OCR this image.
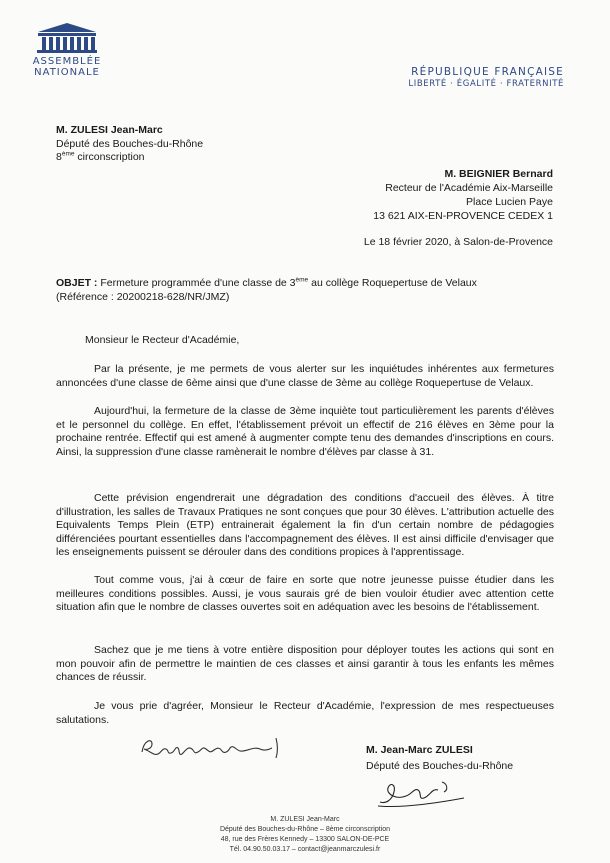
ASSEMBLÉE
NATIONALE	RÉPUBLIQUE FRANÇAISE
LIBERTÉ · ÉGALITÉ · FRATERNITÉ
M. ZULESI Jean-Marc
Député des Bouches-du-Rhône
8ème circonscription
M. BEIGNIER Bernard
Recteur de l'Académie Aix-Marseille
Place Lucien Paye
13 621 AIX-EN-PROVENCE CEDEX 1
Le 18 février 2020, à Salon-de-Provence
OBJET : Fermeture programmée d'une classe de 3ème au collège Roquepertuse de Velaux
(Référence : 20200218-628/NR/JMZ)
Monsieur le Recteur d'Académie,
Par la présente, je me permets de vous alerter sur les inquiétudes inhérentes aux fermetures annoncées d'une classe de 6ème ainsi que d'une classe de 3ème au collège Roquepertuse de Velaux.
Aujourd'hui, la fermeture de la classe de 3ème inquiète tout particulièrement les parents d'élèves et le personnel du collège. En effet, l'établissement prévoit un effectif de 216 élèves en 3ème pour la prochaine rentrée. Effectif qui est amené à augmenter compte tenu des demandes d'inscriptions en cours. Ainsi, la suppression d'une classe ramènerait le nombre d'élèves par classe à 31.
Cette prévision engendrerait une dégradation des conditions d'accueil des élèves. À titre d'illustration, les salles de Travaux Pratiques ne sont conçues que pour 30 élèves. L'attribution actuelle des Equivalents Temps Plein (ETP) entrainerait également la fin d'un certain nombre de pédagogies différenciées pourtant essentielles dans l'accompagnement des élèves. Il est ainsi difficile d'envisager que les enseignements puissent se dérouler dans des conditions propices à l'apprentissage.
Tout comme vous, j'ai à cœur de faire en sorte que notre jeunesse puisse étudier dans les meilleures conditions possibles. Aussi, je vous saurais gré de bien vouloir étudier avec attention cette situation afin que le nombre de classes ouvertes soit en adéquation avec les besoins de l'établissement.
Sachez que je me tiens à votre entière disposition pour déployer toutes les actions qui sont en mon pouvoir afin de permettre le maintien de ces classes et ainsi garantir à tous les enfants les mêmes chances de réussir.
Je vous prie d'agréer, Monsieur le Recteur d'Académie, l'expression de mes respectueuses salutations.
M. Jean-Marc ZULESI
Député des Bouches-du-Rhône
M. ZULESI Jean-Marc
Député des Bouches-du-Rhône – 8ème circonscription
48, rue des Frères Kennedy – 13300 SALON-DE-PCE
Tél. 04.90.50.03.17 – contact@jeanmarczulesi.fr
